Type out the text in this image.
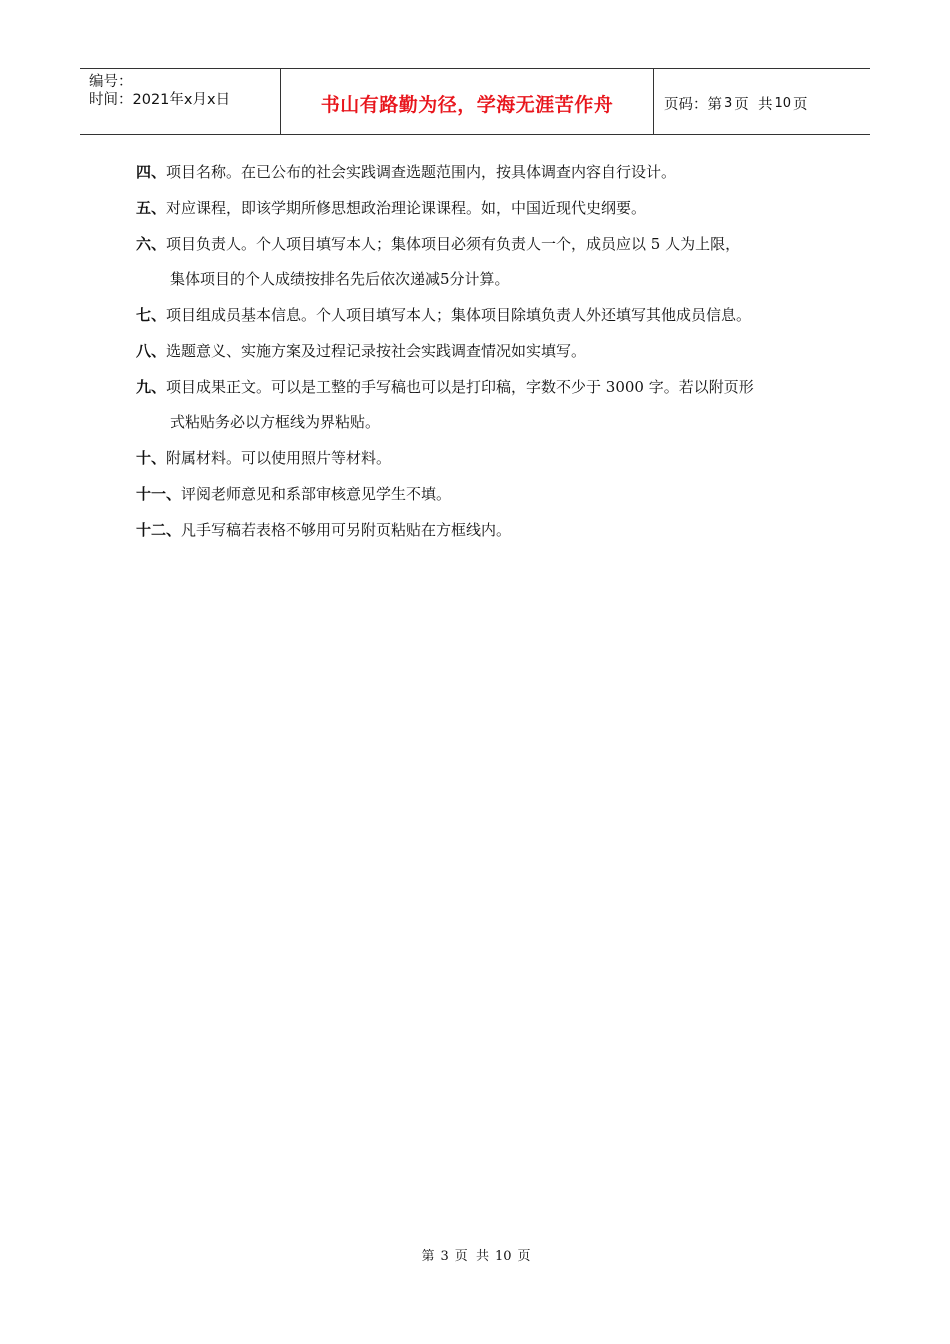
编号：
时间：2021年x月x日	书山有路勤为径，学海无涯苦作舟	页码：第 3 页  共 10 页
四、项目名称。在已公布的社会实践调查选题范围内，按具体调查内容自行设计。
五、对应课程，即该学期所修思想政治理论课课程。如，中国近现代史纲要。
六、项目负责人。个人项目填写本人；集体项目必须有负责人一个，成员应以 5 人为上限，
集体项目的个人成绩按排名先后依次递减5分计算。
七、项目组成员基本信息。个人项目填写本人；集体项目除填负责人外还填写其他成员信息。
八、选题意义、实施方案及过程记录按社会实践调查情况如实填写。
九、项目成果正文。可以是工整的手写稿也可以是打印稿，字数不少于 3000 字。若以附页形
式粘贴务必以方框线为界粘贴。
十、附属材料。可以使用照片等材料。
十一、评阅老师意见和系部审核意见学生不填。
十二、凡手写稿若表格不够用可另附页粘贴在方框线内。
第 3 页  共 10 页
